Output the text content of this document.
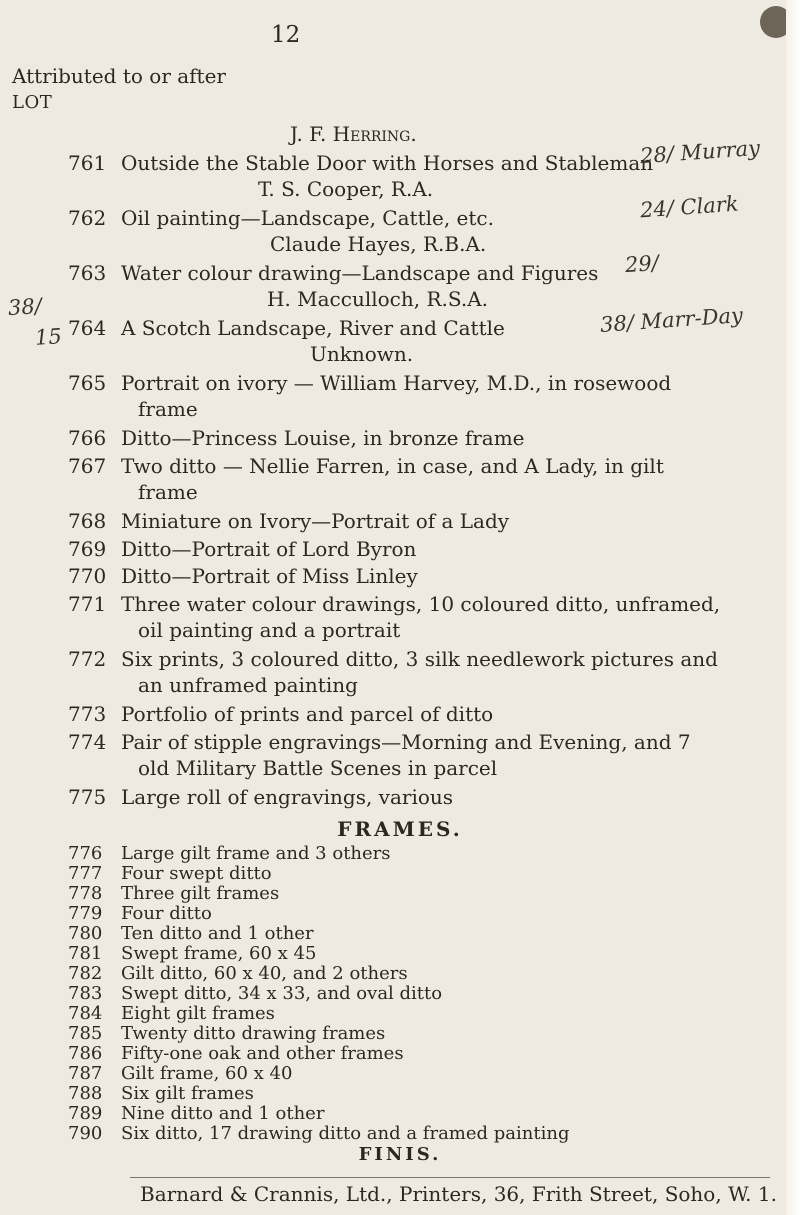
12
Attributed to or after
LOT
J. F. Herring.
761 Outside the Stable Door with Horses and Stableman
T. S. Cooper, R.A.
762 Oil painting—Landscape, Cattle, etc.
Claude Hayes, R.B.A.
763 Water colour drawing—Landscape and Figures
H. Macculloch, R.S.A.
764 A Scotch Landscape, River and Cattle
Unknown.
765 Portrait on ivory — William Harvey, M.D., in rosewood
frame
766 Ditto—Princess Louise, in bronze frame
767 Two ditto — Nellie Farren, in case, and A Lady, in gilt
frame
768 Miniature on Ivory—Portrait of a Lady
769 Ditto—Portrait of Lord Byron
770 Ditto—Portrait of Miss Linley
771 Three water colour drawings, 10 coloured ditto, unframed,
oil painting and a portrait
772 Six prints, 3 coloured ditto, 3 silk needlework pictures and
an unframed painting
773 Portfolio of prints and parcel of ditto
774 Pair of stipple engravings—Morning and Evening, and 7
old Military Battle Scenes in parcel
775 Large roll of engravings, various
FRAMES.
776	Large gilt frame and 3 others
777	Four swept ditto
778	Three gilt frames
779	Four ditto
780	Ten ditto and 1 other
781	Swept frame, 60 x 45
782	Gilt ditto, 60 x 40, and 2 others
783	Swept ditto, 34 x 33, and oval ditto
784	Eight gilt frames
785	Twenty ditto drawing frames
786	Fifty-one oak and other frames
787	Gilt frame, 60 x 40
Barnard & Crannis, Ltd., Printers, 36, Frith Street, Soho, W. 1.
28/ Murray
24/ Clark
29/
38/ Marr-Day
38/
15
788	Six gilt frames
789	Nine ditto and 1 other
790	Six ditto, 17 drawing ditto and a framed painting
FINIS.
